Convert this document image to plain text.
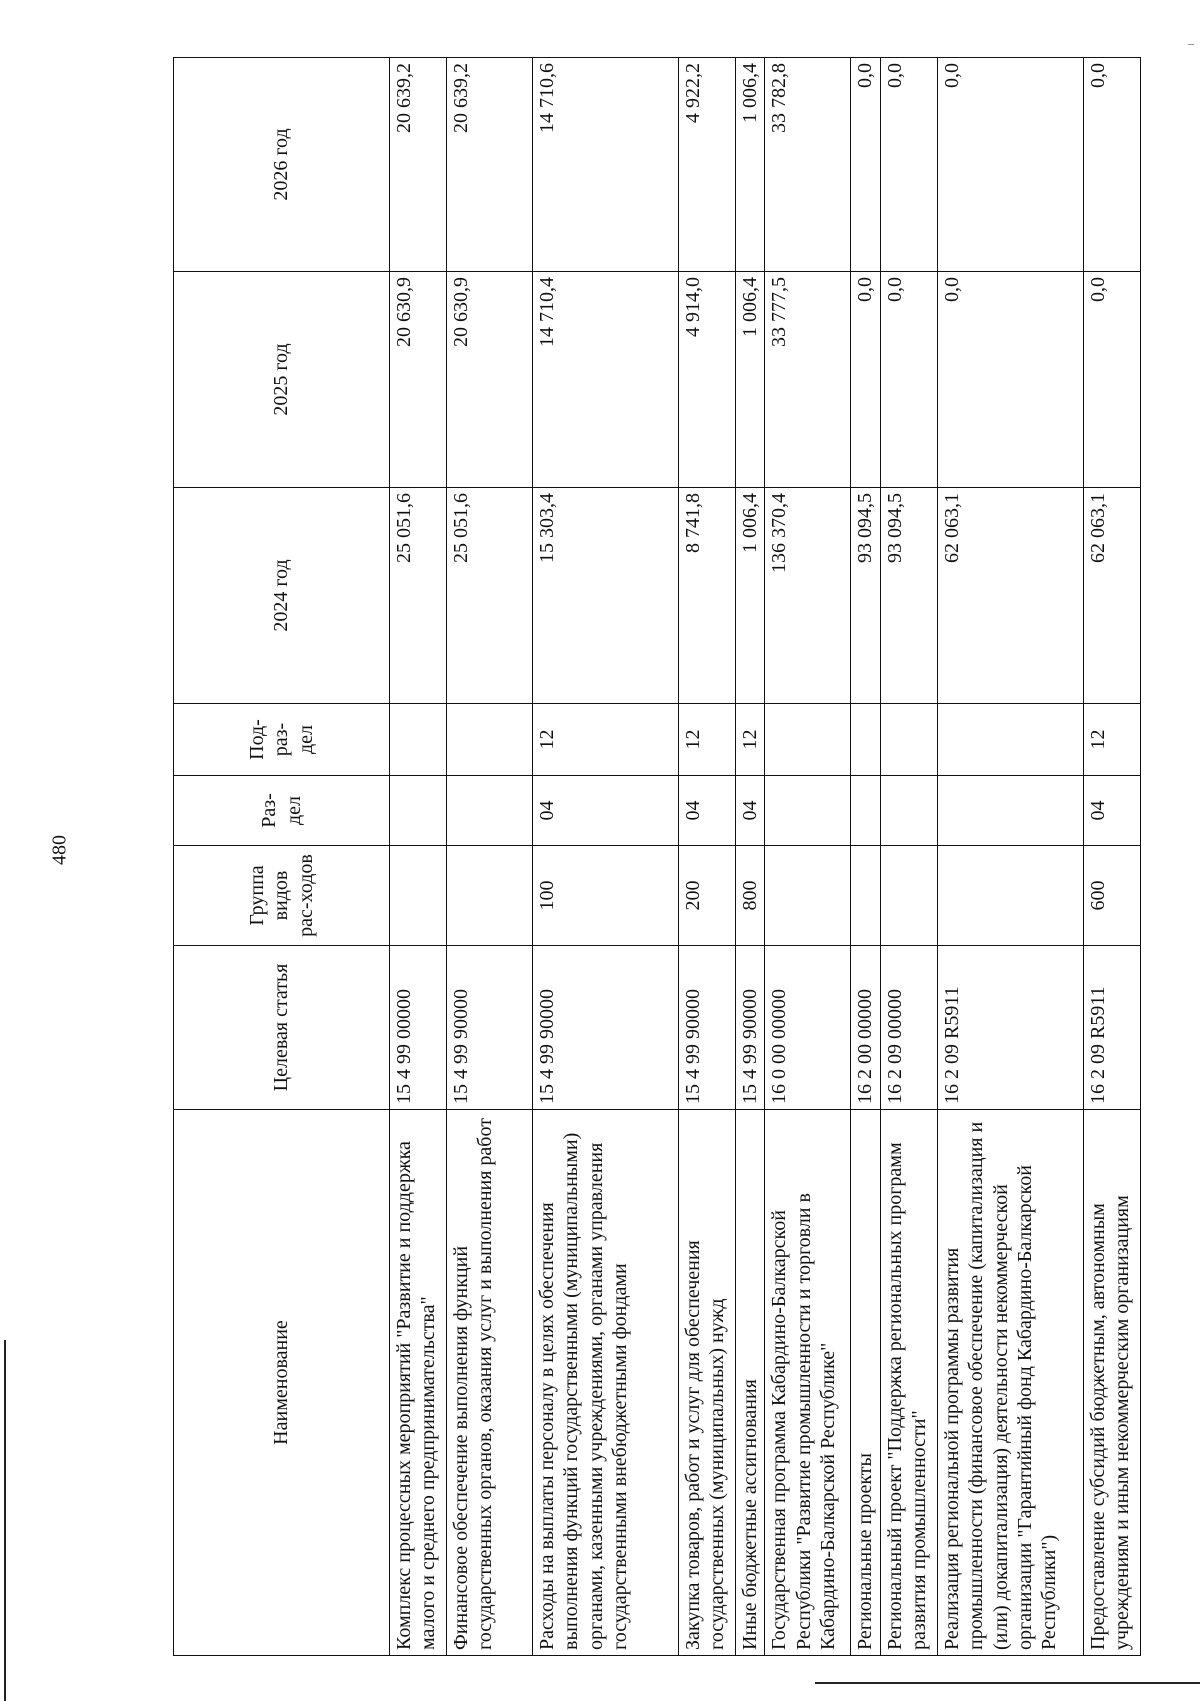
480
Наименование	Целевая статья	Группа видов рас-ходов	Раз-дел	Под-раз-дел	2024 год	2025 год	2026 год
Комплекс процессных мероприятий "Развитие и поддержка малого и среднего предпринимательства"	15 4 99 00000				25 051,6	20 630,9	20 639,2
Финансовое обеспечение выполнения функций государственных органов, оказания услуг и выполнения работ	15 4 99 90000				25 051,6	20 630,9	20 639,2
Расходы на выплаты персоналу в целях обеспечения выполнения функций государственными (муниципальными) органами, казенными учреждениями, органами управления государственными внебюджетными фондами	15 4 99 90000	100	04	12	15 303,4	14 710,4	14 710,6
Закупка товаров, работ и услуг для обеспечения государственных (муниципальных) нужд	15 4 99 90000	200	04	12	8 741,8	4 914,0	4 922,2
Иные бюджетные ассигнования	15 4 99 90000	800	04	12	1 006,4	1 006,4	1 006,4
Государственная программа Кабардино-Балкарской Республики "Развитие промышленности и торговли в Кабардино-Балкарской Республике"	16 0 00 00000				136 370,4	33 777,5	33 782,8
Региональные проекты	16 2 00 00000				93 094,5	0,0	0,0
Региональный проект "Поддержка региональных программ развития промышленности"	16 2 09 00000				93 094,5	0,0	0,0
Реализация региональной программы развития промышленности (финансовое обеспечение (капитализация и (или) докапитализация) деятельности некоммерческой организации "Гарантийный фонд Кабардино-Балкарской Республики")	16 2 09 R5911				62 063,1	0,0	0,0
Предоставление субсидий бюджетным, автономным учреждениям и иным некоммерческим организациям	16 2 09 R5911	600	04	12	62 063,1	0,0	0,0
